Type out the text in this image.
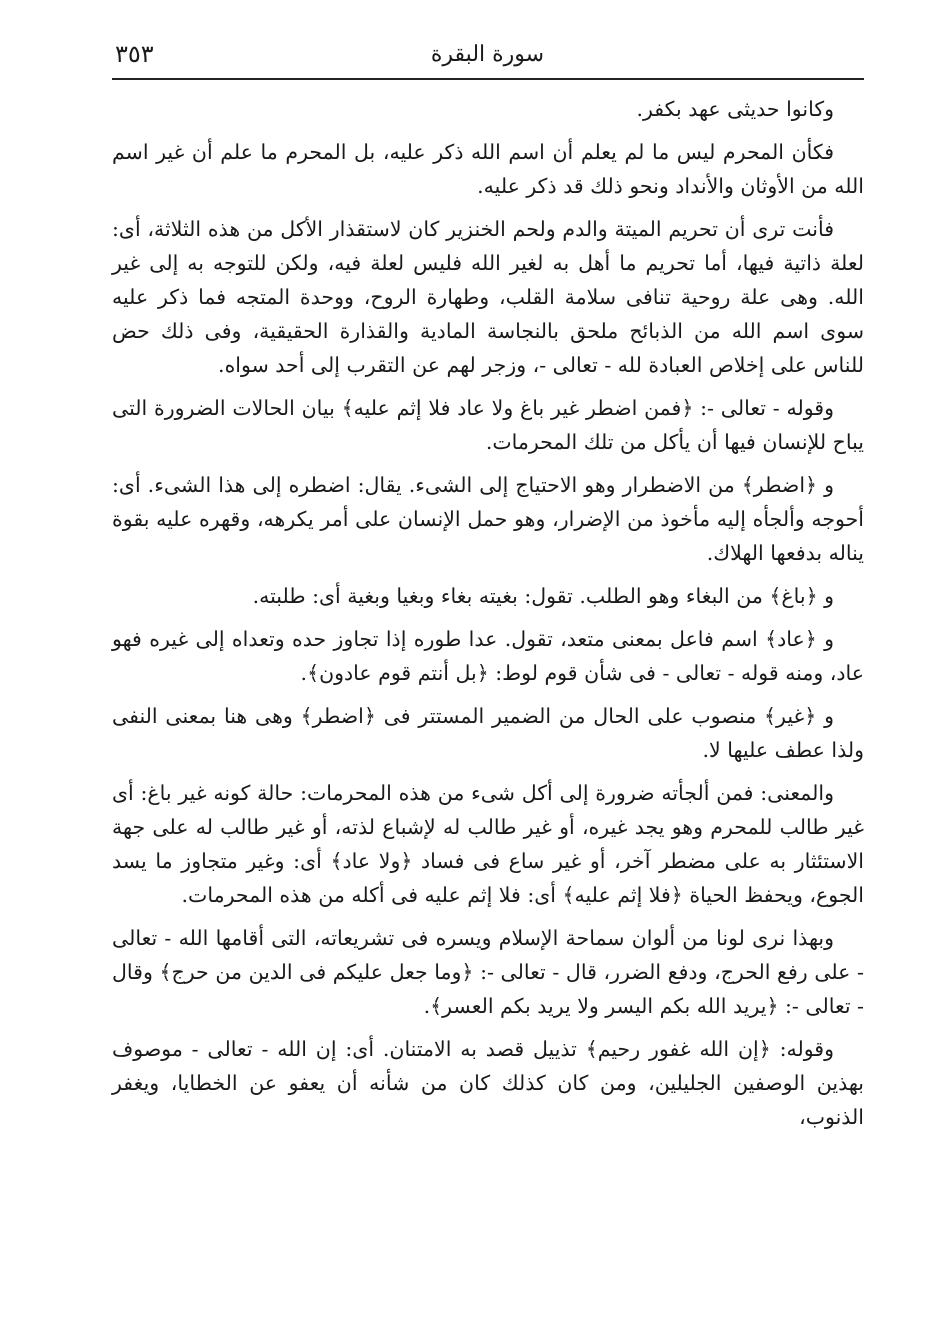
٣٥٣	سورة البقرة

وكانوا حديثى عهد بكفر.

فكأن المحرم ليس ما لم يعلم أن اسم الله ذكر عليه، بل المحرم ما علم أن غير اسم الله من الأوثان والأنداد ونحو ذلك قد ذكر عليه.

فأنت ترى أن تحريم الميتة والدم ولحم الخنزير كان لاستقذار الأكل من هذه الثلاثة، أى: لعلة ذاتية فيها، أما تحريم ما أهل به لغير الله فليس لعلة فيه، ولكن للتوجه به إلى غير الله. وهى علة روحية تنافى سلامة القلب، وطهارة الروح، ووحدة المتجه فما ذكر عليه سوى اسم الله من الذبائح ملحق بالنجاسة المادية والقذارة الحقيقية، وفى ذلك حض للناس على إخلاص العبادة لله - تعالى -، وزجر لهم عن التقرب إلى أحد سواه.

وقوله - تعالى -: ﴿فمن اضطر غير باغ ولا عاد فلا إثم عليه﴾ بيان الحالات الضرورة التى يباح للإنسان فيها أن يأكل من تلك المحرمات.

و ﴿اضطر﴾ من الاضطرار وهو الاحتياج إلى الشىء. يقال: اضطره إلى هذا الشىء. أى: أحوجه وألجأه إليه مأخوذ من الإضرار، وهو حمل الإنسان على أمر يكرهه، وقهره عليه بقوة يناله بدفعها الهلاك.

و ﴿باغ﴾ من البغاء وهو الطلب. تقول: بغيته بغاء وبغيا وبغية أى: طلبته.

و ﴿عاد﴾ اسم فاعل بمعنى متعد، تقول. عدا طوره إذا تجاوز حده وتعداه إلى غيره فهو عاد، ومنه قوله - تعالى - فى شأن قوم لوط: ﴿بل أنتم قوم عادون﴾.

و ﴿غير﴾ منصوب على الحال من الضمير المستتر فى ﴿اضطر﴾ وهى هنا بمعنى النفى ولذا عطف عليها لا.

والمعنى: فمن ألجأته ضرورة إلى أكل شىء من هذه المحرمات: حالة كونه غير باغ: أى غير طالب للمحرم وهو يجد غيره، أو غير طالب له لإشباع لذته، أو غير طالب له على جهة الاستئثار به على مضطر آخر، أو غير ساع فى فساد ﴿ولا عاد﴾ أى: وغير متجاوز ما يسد الجوع، ويحفظ الحياة ﴿فلا إثم عليه﴾ أى: فلا إثم عليه فى أكله من هذه المحرمات.

وبهذا نرى لونا من ألوان سماحة الإسلام ويسره فى تشريعاته، التى أقامها الله - تعالى - على رفع الحرج، ودفع الضرر، قال - تعالى -: ﴿وما جعل عليكم فى الدين من حرج﴾ وقال - تعالى -: ﴿يريد الله بكم اليسر ولا يريد بكم العسر﴾.

وقوله: ﴿إن الله غفور رحيم﴾ تذييل قصد به الامتنان. أى: إن الله - تعالى - موصوف بهذين الوصفين الجليلين، ومن كان كذلك كان من شأنه أن يعفو عن الخطايا، ويغفر الذنوب،
